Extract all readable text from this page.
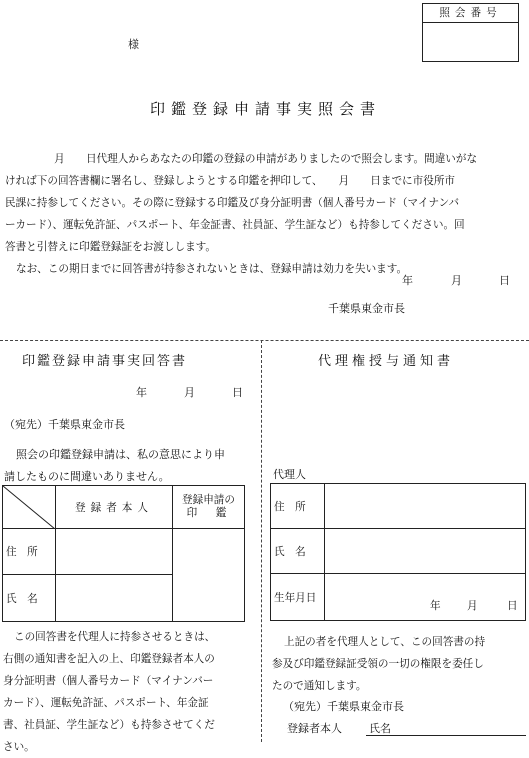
照会番号
様
印鑑登録申請事実照会書
　　月　　日代理人からあなたの印鑑の登録の申請がありましたので照会します。間違いがな
ければ下の回答書欄に署名し、登録しようとする印鑑を押印して、　　月　　日までに市役所市
民課に持参してください。その際に登録する印鑑及び身分証明書（個人番号カード（マイナンバ
ーカード）、運転免許証、パスポート、年金証書、社員証、学生証など）も持参してください。回
答書と引替えに印鑑登録証をお渡しします。
なお、この期日までに回答書が持参されないときは、登録申請は効力を失います。
年	月	日
千葉県東金市長
印鑑登録申請事実回答書
年	月	日
（宛先）千葉県東金市長
照会の印鑑登録申請は、私の意思により申
請したものに間違いありません。
	登録者本人	登録申請の
印　鑑

住　所		
氏　名		
この回答書を代理人に持参させるときは、
右側の通知書を記入の上、印鑑登録者本人の
身分証明書（個人番号カード（マイナンバー
カード）、運転免許証、パスポート、年金証
書、社員証、学生証など）も持参させてくだ
さい。
代理権授与通知書
代理人
住　所	
氏　名	
生年月日	年 月 日
上記の者を代理人として、この回答書の持
参及び印鑑登録証受領の一切の権限を委任し
たので通知します。
（宛先）千葉県東金市長
登録者本人 氏名
